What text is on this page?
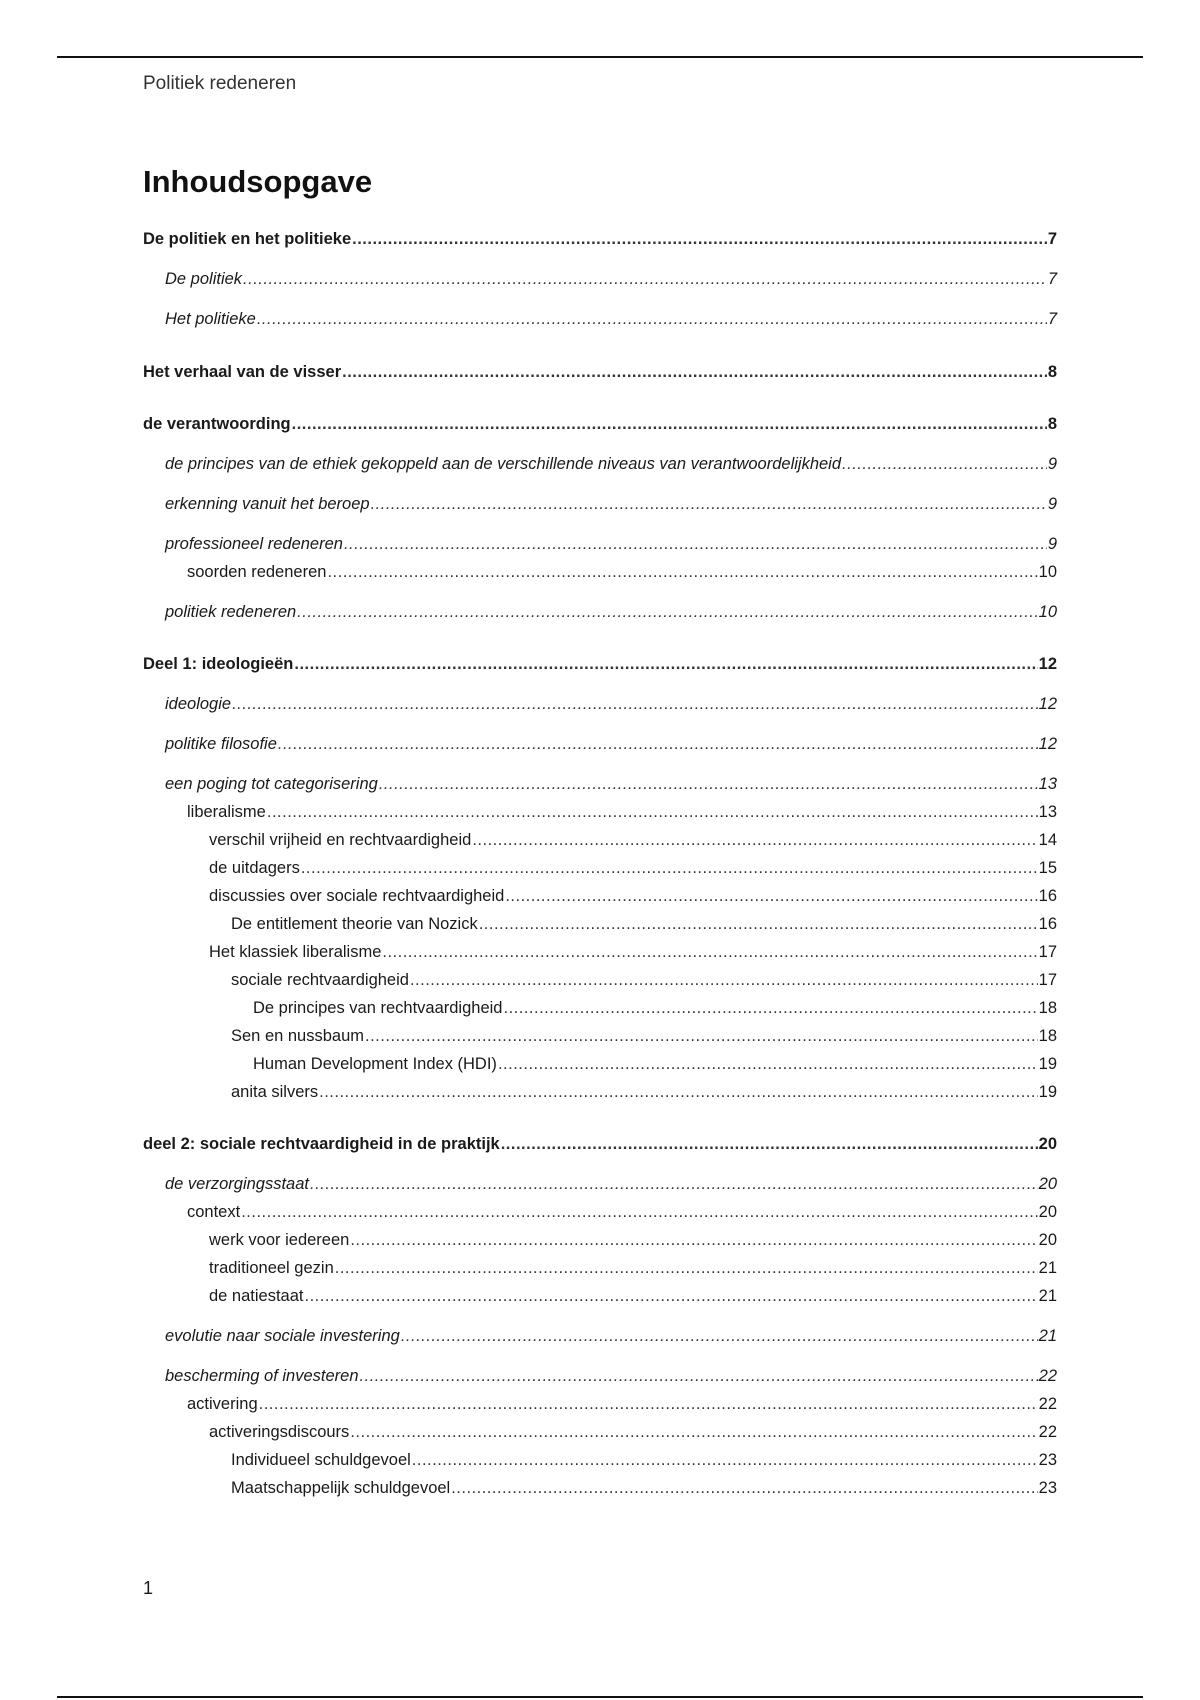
Politiek redeneren
Inhoudsopgave
De politiek en het politieke .....	7
De politiek .....	7
Het politieke .....	7
Het verhaal van de visser .....	8
de verantwoording .....	8
de principes van de ethiek gekoppeld aan de verschillende niveaus van verantwoordelijkheid .....	9
erkenning vanuit het beroep .....	9
professioneel redeneren .....	9
soorden redeneren .....	10
politiek redeneren .....	10
Deel 1: ideologieën .....	12
ideologie .....	12
politike filosofie .....	12
een poging tot categorisering .....	13
liberalisme .....	13
verschil vrijheid en rechtvaardigheid .....	14
de uitdagers .....	15
discussies over sociale rechtvaardigheid .....	16
De entitlement theorie van Nozick .....	16
Het klassiek liberalisme .....	17
sociale rechtvaardigheid .....	17
De principes van rechtvaardigheid .....	18
Sen en nussbaum .....	18
Human Development Index (HDI) .....	19
anita silvers .....	19
deel 2: sociale rechtvaardigheid in de praktijk .....	20
de verzorgingsstaat .....	20
context .....	20
werk voor iedereen .....	20
traditioneel gezin .....	21
de natiestaat .....	21
evolutie naar sociale investering .....	21
bescherming of investeren .....	22
activering .....	22
activeringsdiscours .....	22
Individueel schuldgevoel .....	23
Maatschappelijk schuldgevoel .....	23
1
